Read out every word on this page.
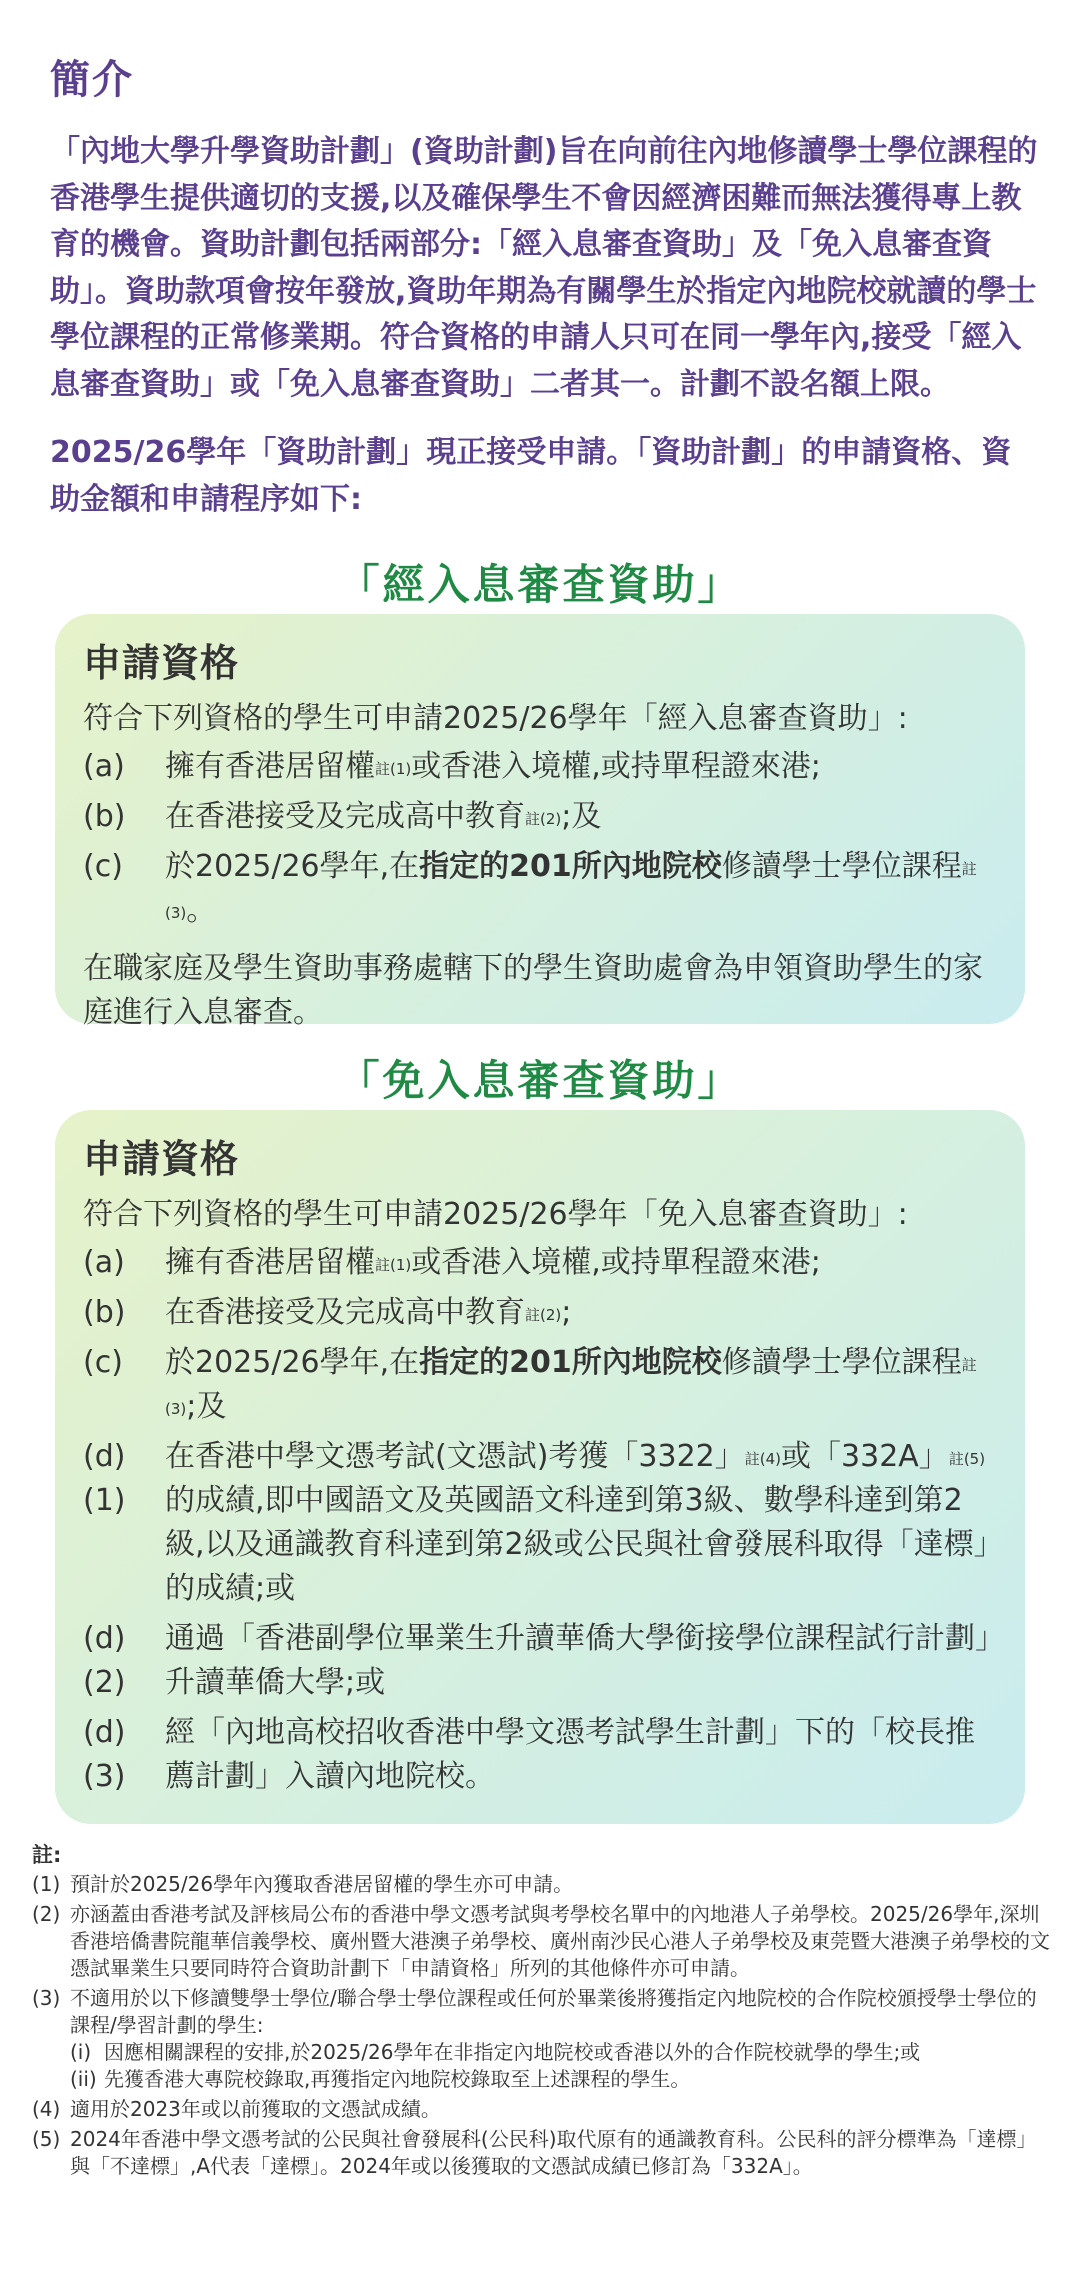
簡介

「內地大學升學資助計劃」(資助計劃)旨在向前往內地修讀學士學位課程的香港學生提供適切的支援,以及確保學生不會因經濟困難而無法獲得專上教育的機會。資助計劃包括兩部分:「經入息審查資助」及「免入息審查資助」。資助款項會按年發放,資助年期為有關學生於指定內地院校就讀的學士學位課程的正常修業期。符合資格的申請人只可在同一學年內,接受「經入息審查資助」或「免入息審查資助」二者其一。計劃不設名額上限。

2025/26學年「資助計劃」現正接受申請。「資助計劃」的申請資格、資助金額和申請程序如下:

「經入息審查資助」
申請資格
符合下列資格的學生可申請2025/26學年「經入息審查資助」:
(a)	擁有香港居留權$^{註(1)}$或香港入境權,或持單程證來港;
(b)	在香港接受及完成高中教育$^{註(2)}$;及
(c)	於2025/26學年,在指定的201所內地院校修讀學士學位課程$^{註(3)}$。
在職家庭及學生資助事務處轄下的學生資助處會為申領資助學生的家庭進行入息審查。
「免入息審查資助」
申請資格
符合下列資格的學生可申請2025/26學年「免入息審查資助」:
(a)	擁有香港居留權$^{註(1)}$或香港入境權,或持單程證來港;
(b)	在香港接受及完成高中教育$^{註(2)}$;
(c)	於2025/26學年,在指定的201所內地院校修讀學士學位課程$^{註(3)}$;及
(d)(1)
在香港中學文憑考試(文憑試)考獲「3322」$^{註(4)}$或「332A」$^{註(5)}$的成績,即中國語文及英國語文科達到第3級、數學科達到第2級,以及通識教育科達到第2級或公民與社會發展科取得「達標」的成績;或
(d)(2)
通過「香港副學位畢業生升讀華僑大學銜接學位課程試行計劃」升讀華僑大學;或
(d)(3)
經「內地高校招收香港中學文憑考試學生計劃」下的「校長推薦計劃」入讀內地院校。
註:
(1) 預計於2025/26學年內獲取香港居留權的學生亦可申請。
(2) 亦涵蓋由香港考試及評核局公布的香港中學文憑考試與考學校名單中的內地港人子弟學校。2025/26學年,深圳香港培僑書院龍華信義學校、廣州暨大港澳子弟學校、廣州南沙民心港人子弟學校及東莞暨大港澳子弟學校的文憑試畢業生只要同時符合資助計劃下「申請資格」所列的其他條件亦可申請。
(3) 不適用於以下修讀雙學士學位/聯合學士學位課程或任何於畢業後將獲指定內地院校的合作院校頒授學士學位的課程/學習計劃的學生:
(i) 因應相關課程的安排,於2025/26學年在非指定內地院校或香港以外的合作院校就學的學生;或
(ii) 先獲香港大專院校錄取,再獲指定內地院校錄取至上述課程的學生。
(4) 適用於2023年或以前獲取的文憑試成績。
(5) 2024年香港中學文憑考試的公民與社會發展科(公民科)取代原有的通識教育科。公民科的評分標準為「達標」與「不達標」,A代表「達標」。2024年或以後獲取的文憑試成績已修訂為「332A」。
